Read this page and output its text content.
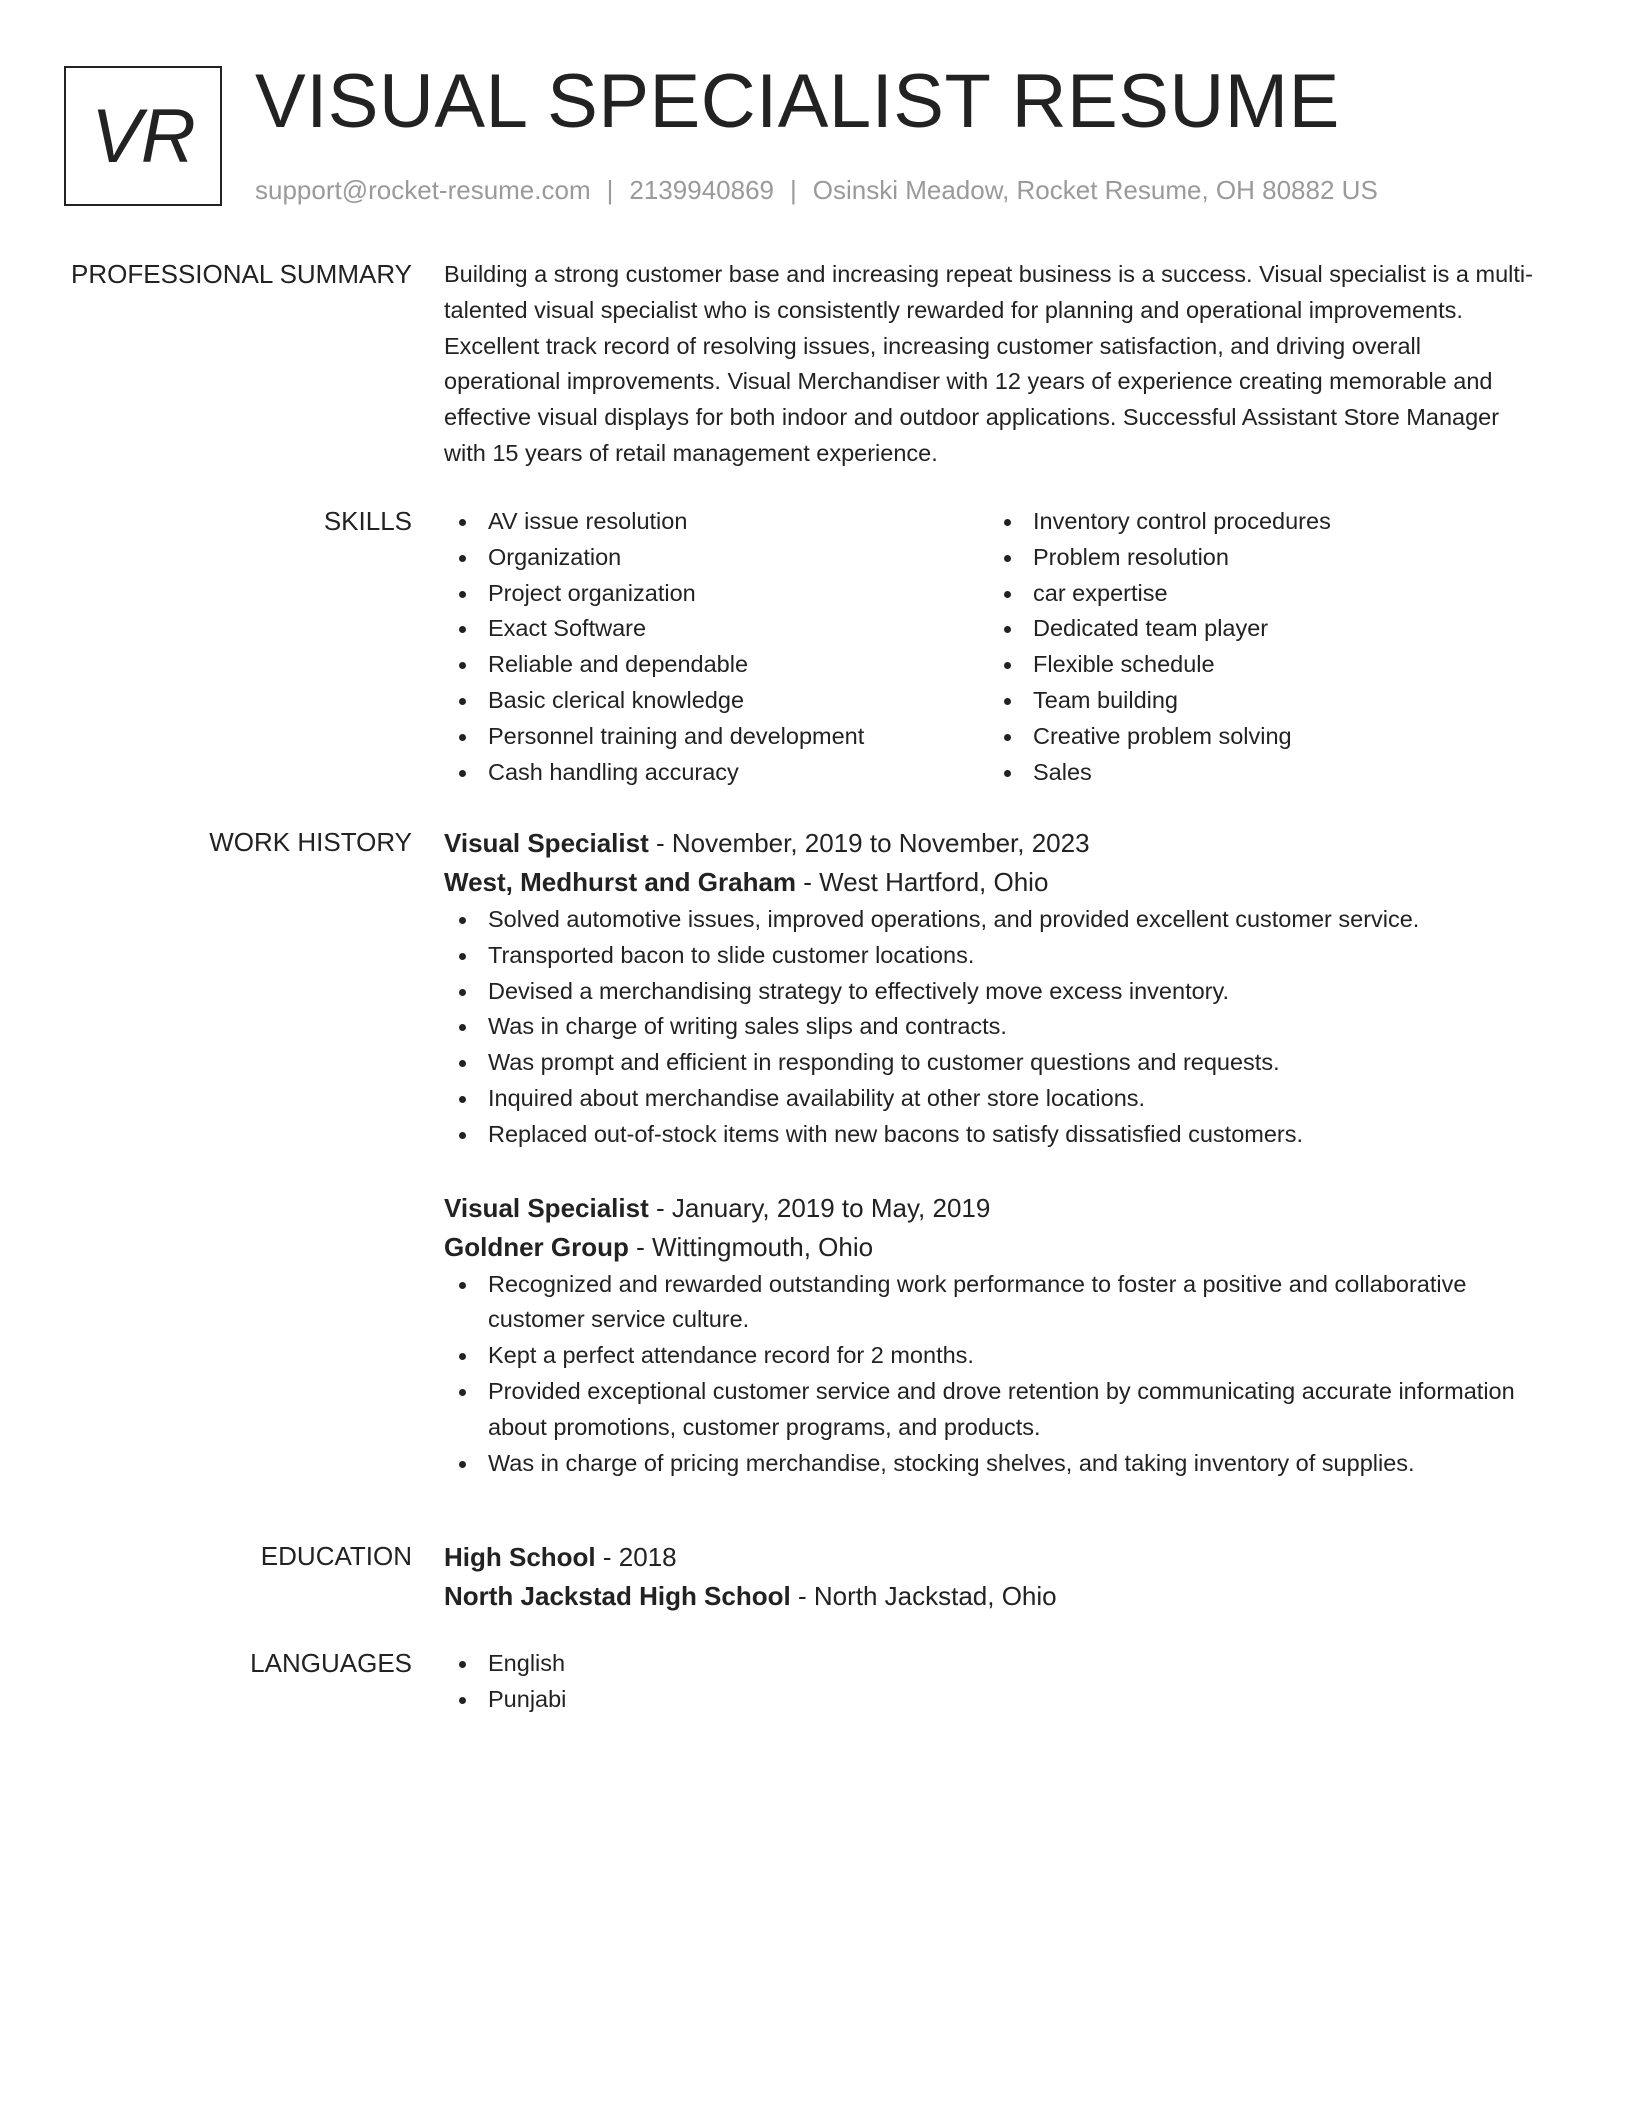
VR VISUAL SPECIALIST RESUME
support@rocket-resume.com | 2139940869 | Osinski Meadow, Rocket Resume, OH 80882 US
PROFESSIONAL SUMMARY Building a strong customer base and increasing repeat business is a success. Visual specialist is a multi-talented visual specialist who is consistently rewarded for planning and operational improvements. Excellent track record of resolving issues, increasing customer satisfaction, and driving overall operational improvements. Visual Merchandiser with 12 years of experience creating memorable and effective visual displays for both indoor and outdoor applications. Successful Assistant Store Manager with 15 years of retail management experience.

SKILLS	AV issue resolution
Organization
Project organization
Exact Software
Reliable and dependable
Basic clerical knowledge
Personnel training and development
Cash handling accuracy
Inventory control procedures
Problem resolution
car expertise
Dedicated team player
Flexible schedule
Team building
Creative problem solving
Sales
WORK HISTORY Visual Specialist - November, 2019 to November, 2023
West, Medhurst and Graham - West Hartford, Ohio
Solved automotive issues, improved operations, and provided excellent customer service.
Transported bacon to slide customer locations.
Devised a merchandising strategy to effectively move excess inventory.
Was in charge of writing sales slips and contracts.
Was prompt and efficient in responding to customer questions and requests.
Inquired about merchandise availability at other store locations.
Replaced out-of-stock items with new bacons to satisfy dissatisfied customers.
Visual Specialist - January, 2019 to May, 2019
Goldner Group - Wittingmouth, Ohio
Recognized and rewarded outstanding work performance to foster a positive and collaborative customer service culture.
Kept a perfect attendance record for 2 months.
Provided exceptional customer service and drove retention by communicating accurate information about promotions, customer programs, and products.
Was in charge of pricing merchandise, stocking shelves, and taking inventory of supplies.
EDUCATION High School - 2018
North Jackstad High School - North Jackstad, Ohio
LANGUAGES	English
Punjabi
